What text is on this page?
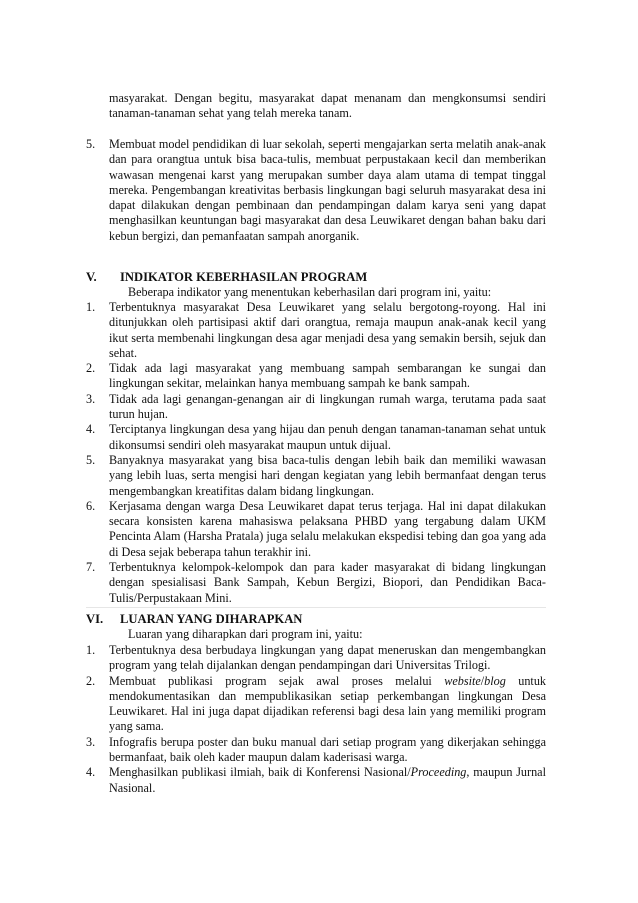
masyarakat. Dengan begitu, masyarakat dapat menanam dan mengkonsumsi sendiri tanaman-tanaman sehat yang telah mereka tanam.
5.	Membuat model pendidikan di luar sekolah, seperti mengajarkan serta melatih anak-anak dan para orangtua untuk bisa baca-tulis, membuat perpustakaan kecil dan memberikan wawasan mengenai karst yang merupakan sumber daya alam utama di tempat tinggal mereka. Pengembangan kreativitas berbasis lingkungan bagi seluruh masyarakat desa ini dapat dilakukan dengan pembinaan dan pendampingan dalam karya seni yang dapat menghasilkan keuntungan bagi masyarakat dan desa Leuwikaret dengan bahan baku dari kebun bergizi, dan pemanfaatan sampah anorganik.
V. INDIKATOR KEBERHASILAN PROGRAM
Beberapa indikator yang menentukan keberhasilan dari program ini, yaitu:
1.	Terbentuknya masyarakat Desa Leuwikaret yang selalu bergotong-royong. Hal ini ditunjukkan oleh partisipasi aktif dari orangtua, remaja maupun anak-anak kecil yang ikut serta membenahi lingkungan desa agar menjadi desa yang semakin bersih, sejuk dan sehat.
2.	Tidak ada lagi masyarakat yang membuang sampah sembarangan ke sungai dan lingkungan sekitar, melainkan hanya membuang sampah ke bank sampah.
3.	Tidak ada lagi genangan-genangan air di lingkungan rumah warga, terutama pada saat turun hujan.
4.	Terciptanya lingkungan desa yang hijau dan penuh dengan tanaman-tanaman sehat untuk dikonsumsi sendiri oleh masyarakat maupun untuk dijual.
5.	Banyaknya masyarakat yang bisa baca-tulis dengan lebih baik dan memiliki wawasan yang lebih luas, serta mengisi hari dengan kegiatan yang lebih bermanfaat dengan terus mengembangkan kreatifitas dalam bidang lingkungan.
6.	Kerjasama dengan warga Desa Leuwikaret dapat terus terjaga. Hal ini dapat dilakukan secara konsisten karena mahasiswa pelaksana PHBD yang tergabung dalam UKM Pencinta Alam (Harsha Pratala) juga selalu melakukan ekspedisi tebing dan goa yang ada di Desa sejak beberapa tahun terakhir ini.
7.	Terbentuknya kelompok-kelompok dan para kader masyarakat di bidang lingkungan dengan spesialisasi Bank Sampah, Kebun Bergizi, Biopori, dan Pendidikan Baca-Tulis/Perpustakaan Mini.
VI. LUARAN YANG DIHARAPKAN
Luaran yang diharapkan dari program ini, yaitu:
1.	Terbentuknya desa berbudaya lingkungan yang dapat meneruskan dan mengembangkan program yang telah dijalankan dengan pendampingan dari Universitas Trilogi.
2.	Membuat publikasi program sejak awal proses melalui website/blog untuk mendokumentasikan dan mempublikasikan setiap perkembangan lingkungan Desa Leuwikaret. Hal ini juga dapat dijadikan referensi bagi desa lain yang memiliki program yang sama.
3.	Infografis berupa poster dan buku manual dari setiap program yang dikerjakan sehingga bermanfaat, baik oleh kader maupun dalam kaderisasi warga.
4.	Menghasilkan publikasi ilmiah, baik di Konferensi Nasional/Proceeding, maupun Jurnal Nasional.
